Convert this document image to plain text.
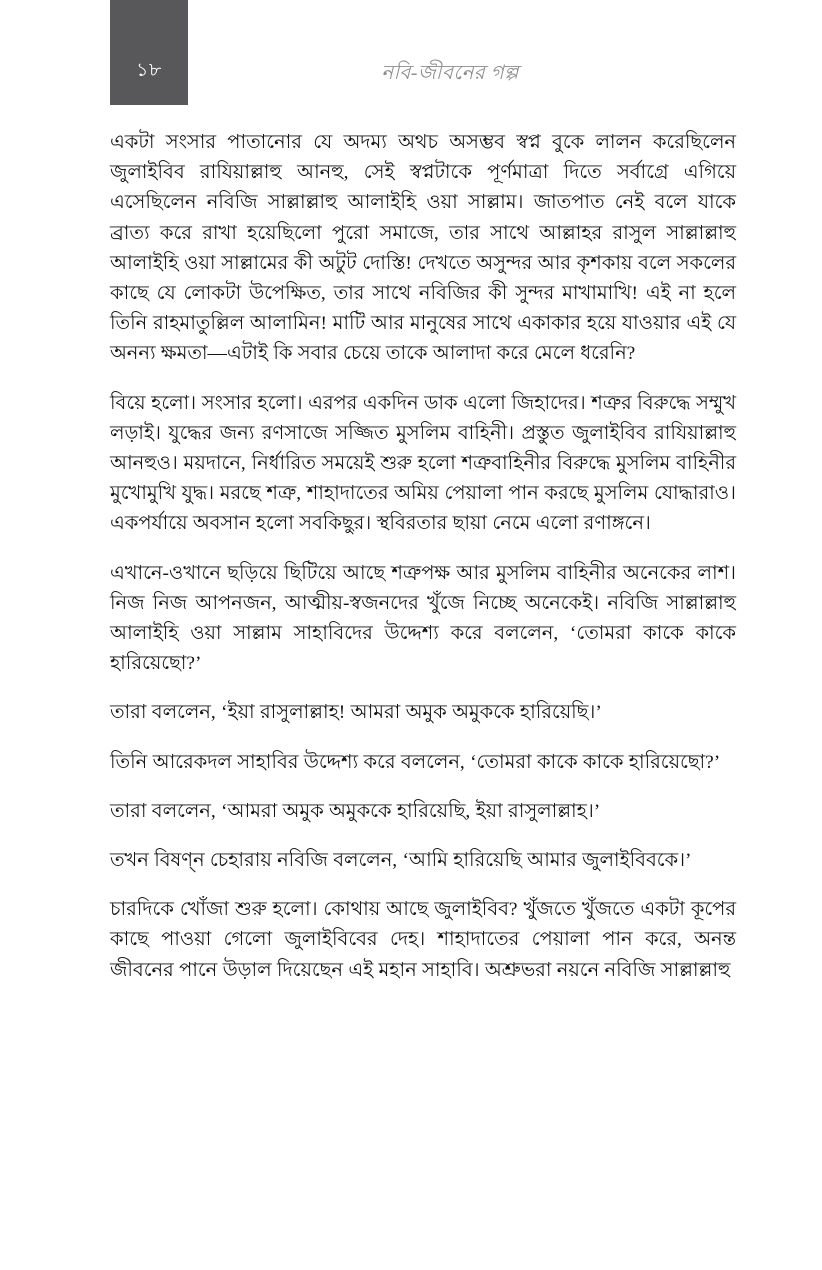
১৮	নবি-জীবনের গল্প

একটা সংসার পাতানোর যে অদম্য অথচ অসম্ভব স্বপ্ন বুকে লালন করেছিলেন জুলাইবিব রাযিয়াল্লাহু আনহু, সেই স্বপ্নটাকে পূর্ণমাত্রা দিতে সর্বাগ্রে এগিয়ে এসেছিলেন নবিজি সাল্লাল্লাহু আলাইহি ওয়া সাল্লাম। জাতপাত নেই বলে যাকে ব্রাত্য করে রাখা হয়েছিলো পুরো সমাজে, তার সাথে আল্লাহর রাসুল সাল্লাল্লাহু আলাইহি ওয়া সাল্লামের কী অটুট দোস্তি! দেখতে অসুন্দর আর কৃশকায় বলে সকলের কাছে যে লোকটা উপেক্ষিত, তার সাথে নবিজির কী সুন্দর মাখামাখি! এই না হলে তিনি রাহমাতুল্লিল আলামিন! মাটি আর মানুষের সাথে একাকার হয়ে যাওয়ার এই যে অনন্য ক্ষমতা—এটাই কি সবার চেয়ে তাকে আলাদা করে মেলে ধরেনি?

বিয়ে হলো। সংসার হলো। এরপর একদিন ডাক এলো জিহাদের। শত্রুর বিরুদ্ধে সম্মুখ লড়াই। যুদ্ধের জন্য রণসাজে সজ্জিত মুসলিম বাহিনী। প্রস্তুত জুলাইবিব রাযিয়াল্লাহু আনহুও। ময়দানে, নির্ধারিত সময়েই শুরু হলো শত্রুবাহিনীর বিরুদ্ধে মুসলিম বাহিনীর মুখোমুখি যুদ্ধ। মরছে শত্রু, শাহাদাতের অমিয় পেয়ালা পান করছে মুসলিম যোদ্ধারাও। একপর্যায়ে অবসান হলো সবকিছুর। স্থবিরতার ছায়া নেমে এলো রণাঙ্গনে।

এখানে-ওখানে ছড়িয়ে ছিটিয়ে আছে শত্রুপক্ষ আর মুসলিম বাহিনীর অনেকের লাশ। নিজ নিজ আপনজন, আত্মীয়-স্বজনদের খুঁজে নিচ্ছে অনেকেই। নবিজি সাল্লাল্লাহু আলাইহি ওয়া সাল্লাম সাহাবিদের উদ্দেশ্য করে বললেন, ‘তোমরা কাকে কাকে হারিয়েছো?’

তারা বললেন, ‘ইয়া রাসুলাল্লাহ! আমরা অমুক অমুককে হারিয়েছি।’

তিনি আরেকদল সাহাবির উদ্দেশ্য করে বললেন, ‘তোমরা কাকে কাকে হারিয়েছো?’

তারা বললেন, ‘আমরা অমুক অমুককে হারিয়েছি, ইয়া রাসুলাল্লাহ।’

তখন বিষণ্ন চেহারায় নবিজি বললেন, ‘আমি হারিয়েছি আমার জুলাইবিবকে।’

চারদিকে খোঁজা শুরু হলো। কোথায় আছে জুলাইবিব? খুঁজতে খুঁজতে একটা কূপের কাছে পাওয়া গেলো জুলাইবিবের দেহ। শাহাদাতের পেয়ালা পান করে, অনন্ত জীবনের পানে উড়াল দিয়েছেন এই মহান সাহাবি। অশ্রুভরা নয়নে নবিজি সাল্লাল্লাহু
